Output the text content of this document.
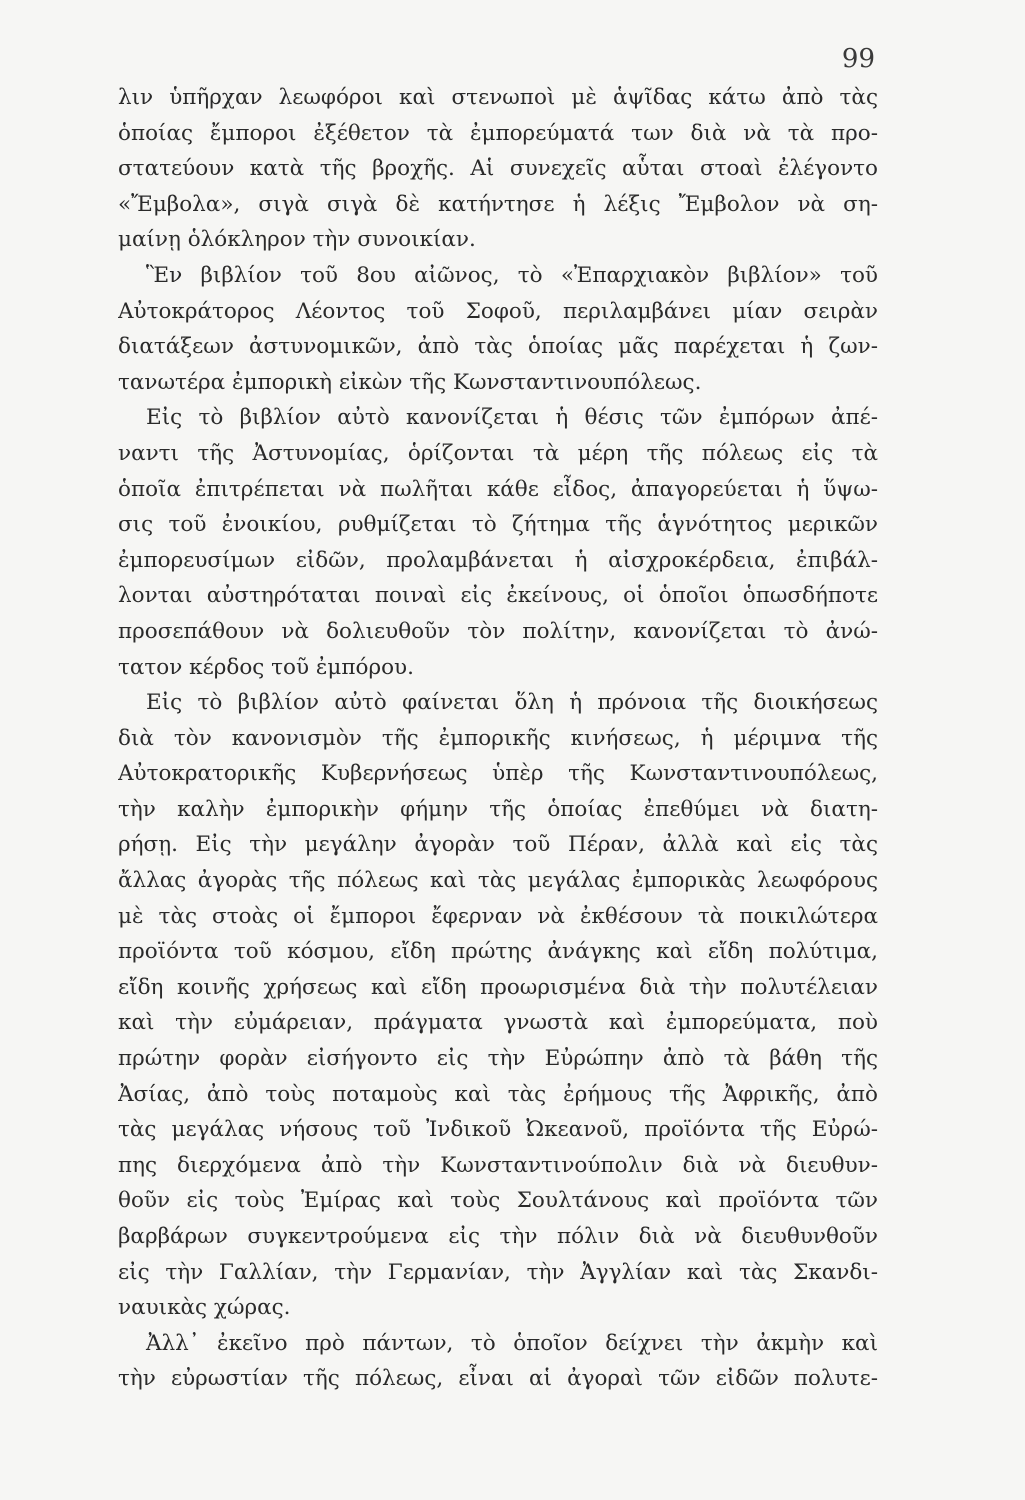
99
λιν ὑπῆρχαν λεωφόροι καὶ στενωποὶ μὲ ἁψῖδας κάτω ἀπὸ τὰς
ὁποίας ἔμποροι ἐξέθετον τὰ ἐμπορεύματά των διὰ νὰ τὰ προ-
στατεύουν κατὰ τῆς βροχῆς. Αἱ συνεχεῖς αὗται στοαὶ ἐλέγοντο
«Ἔμβολα», σιγὰ σιγὰ δὲ κατήντησε ἡ λέξις Ἔμβολον νὰ ση-
μαίνῃ ὁλόκληρον τὴν συνοικίαν.
Ἓν βιβλίον τοῦ 8ου αἰῶνος, τὸ «Ἐπαρχιακὸν βιβλίον» τοῦ
Αὐτοκράτορος Λέοντος τοῦ Σοφοῦ, περιλαμβάνει μίαν σειρὰν
διατάξεων ἀστυνομικῶν, ἀπὸ τὰς ὁποίας μᾶς παρέχεται ἡ ζων-
τανωτέρα ἐμπορικὴ εἰκὼν τῆς Κωνσταντινουπόλεως.
Εἰς τὸ βιβλίον αὐτὸ κανονίζεται ἡ θέσις τῶν ἐμπόρων ἀπέ-
ναντι τῆς Ἀστυνομίας, ὁρίζονται τὰ μέρη τῆς πόλεως εἰς τὰ
ὁποῖα ἐπιτρέπεται νὰ πωλῆται κάθε εἶδος, ἀπαγορεύεται ἡ ὕψω-
σις τοῦ ἐνοικίου, ρυθμίζεται τὸ ζήτημα τῆς ἁγνότητος μερικῶν
ἐμπορευσίμων εἰδῶν, προλαμβάνεται ἡ αἰσχροκέρδεια, ἐπιβάλ-
λονται αὐστηρόταται ποιναὶ εἰς ἐκείνους, οἱ ὁποῖοι ὁπωσδήποτε
προσεπάθουν νὰ δολιευθοῦν τὸν πολίτην, κανονίζεται τὸ ἀνώ-
τατον κέρδος τοῦ ἐμπόρου.
Εἰς τὸ βιβλίον αὐτὸ φαίνεται ὅλη ἡ πρόνοια τῆς διοικήσεως
διὰ τὸν κανονισμὸν τῆς ἐμπορικῆς κινήσεως, ἡ μέριμνα τῆς
Αὐτοκρατορικῆς Κυβερνήσεως ὑπὲρ τῆς Κωνσταντινουπόλεως,
τὴν καλὴν ἐμπορικὴν φήμην τῆς ὁποίας ἐπεθύμει νὰ διατη-
ρήσῃ. Εἰς τὴν μεγάλην ἀγορὰν τοῦ Πέραν, ἀλλὰ καὶ εἰς τὰς
ἄλλας ἀγορὰς τῆς πόλεως καὶ τὰς μεγάλας ἐμπορικὰς λεωφόρους
μὲ τὰς στοὰς οἱ ἔμποροι ἔφερναν νὰ ἐκθέσουν τὰ ποικιλώτερα
προϊόντα τοῦ κόσμου, εἴδη πρώτης ἀνάγκης καὶ εἴδη πολύτιμα,
εἴδη κοινῆς χρήσεως καὶ εἴδη προωρισμένα διὰ τὴν πολυτέλειαν
καὶ τὴν εὐμάρειαν, πράγματα γνωστὰ καὶ ἐμπορεύματα, ποὺ
πρώτην φορὰν εἰσήγοντο εἰς τὴν Εὐρώπην ἀπὸ τὰ βάθη τῆς
Ἀσίας, ἀπὸ τοὺς ποταμοὺς καὶ τὰς ἐρήμους τῆς Ἀφρικῆς, ἀπὸ
τὰς μεγάλας νήσους τοῦ Ἰνδικοῦ Ὠκεανοῦ, προϊόντα τῆς Εὐρώ-
πης διερχόμενα ἀπὸ τὴν Κωνσταντινούπολιν διὰ νὰ διευθυν-
θοῦν εἰς τοὺς Ἐμίρας καὶ τοὺς Σουλτάνους καὶ προϊόντα τῶν
βαρβάρων συγκεντρούμενα εἰς τὴν πόλιν διὰ νὰ διευθυνθοῦν
εἰς τὴν Γαλλίαν, τὴν Γερμανίαν, τὴν Ἀγγλίαν καὶ τὰς Σκανδι-
ναυικὰς χώρας.
Ἀλλ᾿ ἐκεῖνο πρὸ πάντων, τὸ ὁποῖον δείχνει τὴν ἀκμὴν καὶ
τὴν εὐρωστίαν τῆς πόλεως, εἶναι αἱ ἀγοραὶ τῶν εἰδῶν πολυτε-
